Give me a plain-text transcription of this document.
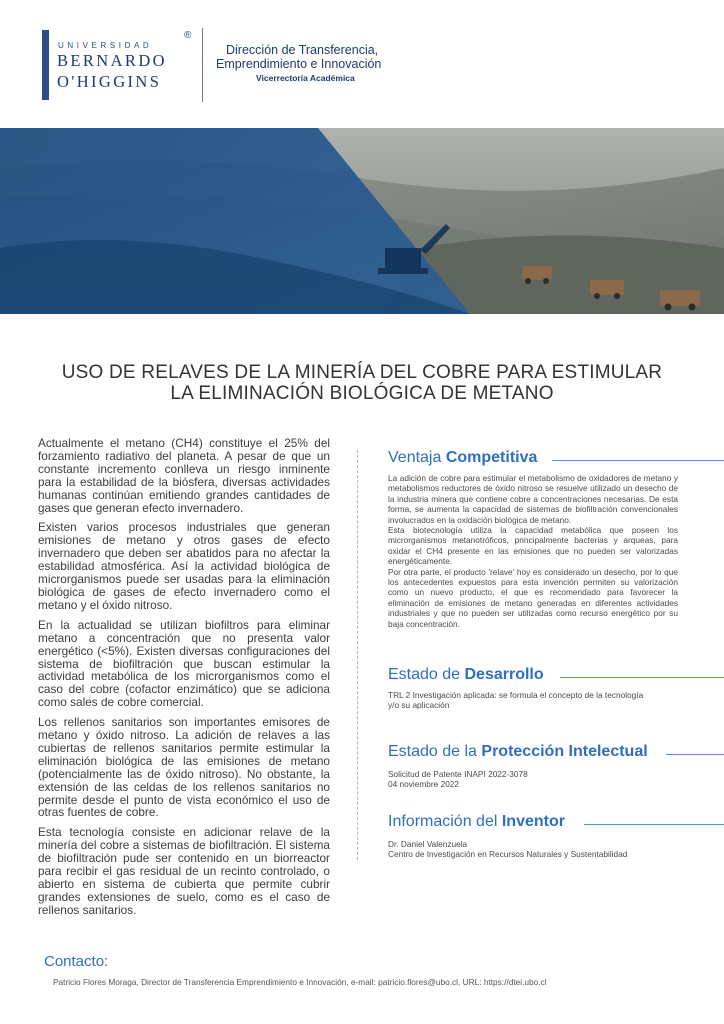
®
UNIVERSIDAD
BERNARDO
O'HIGGINS
Dirección de Transferencia,
Emprendimiento e Innovación
Vicerrectoría Académica
USO DE RELAVES DE LA MINERÍA DEL COBRE PARA ESTIMULAR
LA ELIMINACIÓN BIOLÓGICA DE METANO

Actualmente el metano (CH4) constituye el 25% del forzamiento radiativo del planeta. A pesar de que un constante incremento conlleva un riesgo inminente para la estabilidad de la biósfera, diversas actividades humanas continúan emitiendo grandes cantidades de gases que generan efecto invernadero.

Existen varios procesos industriales que generan emisiones de metano y otros gases de efecto invernadero que deben ser abatidos para no afectar la estabilidad atmosférica. Así la actividad biológica de microrganismos puede ser usadas para la eliminación biológica de gases de efecto invernadero como el metano y el óxido nitroso.

En la actualidad se utilizan biofiltros para eliminar metano a concentración que no presenta valor energético (<5%). Existen diversas configuraciones del sistema de biofiltración que buscan estimular la actividad metabólica de los microrganismos como el caso del cobre (cofactor enzimático) que se adiciona como sales de cobre comercial.

Los rellenos sanitarios son importantes emisores de metano y óxido nitroso. La adición de relaves a las cubiertas de rellenos sanitarios permite estimular la eliminación biológica de las emisiones de metano (potencialmente las de óxido nitroso). No obstante, la extensión de las celdas de los rellenos sanitarios no permite desde el punto de vista económico el uso de otras fuentes de cobre.

Esta tecnología consiste en adicionar relave de la minería del cobre a sistemas de biofiltración. El sistema de biofiltración pude ser contenido en un biorreactor para recibir el gas residual de un recinto controlado, o abierto en sistema de cubierta que permite cubrir grandes extensiones de suelo, como es el caso de rellenos sanitarios.

Ventaja Competitiva

La adición de cobre para estimular el metabolismo de oxidadores de metano y metabolismos reductores de óxido nitroso se resuelve utilizado un desecho de la industria minera que contiene cobre a concentraciones necesarias. De esta forma, se aumenta la capacidad de sistemas de biofiltración convencionales involucrados en la oxidación biológica de metano.

Esta biotecnología utiliza la capacidad metabólica que poseen los microrganismos metanotróficos, principalmente bacterias y arqueas, para oxidar el CH4 presente en las emisiones que no pueden ser valorizadas energéticamente.

Por otra parte, el producto 'relave' hoy es considerado un desecho, por lo que los antecedentes expuestos para esta invención permiten su valorización como un nuevo producto, el que es recomendado para favorecer la eliminación de emisiones de metano generadas en diferentes actividades industriales y que no pueden ser utilizadas como recurso energético por su baja concentración.

Estado de Desarrollo
TRL 2 Investigación aplicada: se formula el concepto de la tecnología
y/o su aplicación
Estado de la Protección Intelectual
Solicitud de Patente INAPI 2022-3078
04 noviembre 2022
Información del Inventor
Dr. Daniel Valenzuela
Centro de Investigación en Recursos Naturales y Sustentabilidad
Contacto:
Patricio Flores Moraga, Director de Transferencia Emprendimiento e Innovación, e-mail: patricio.flores@ubo.cl, URL: https://dtei.ubo.cl
